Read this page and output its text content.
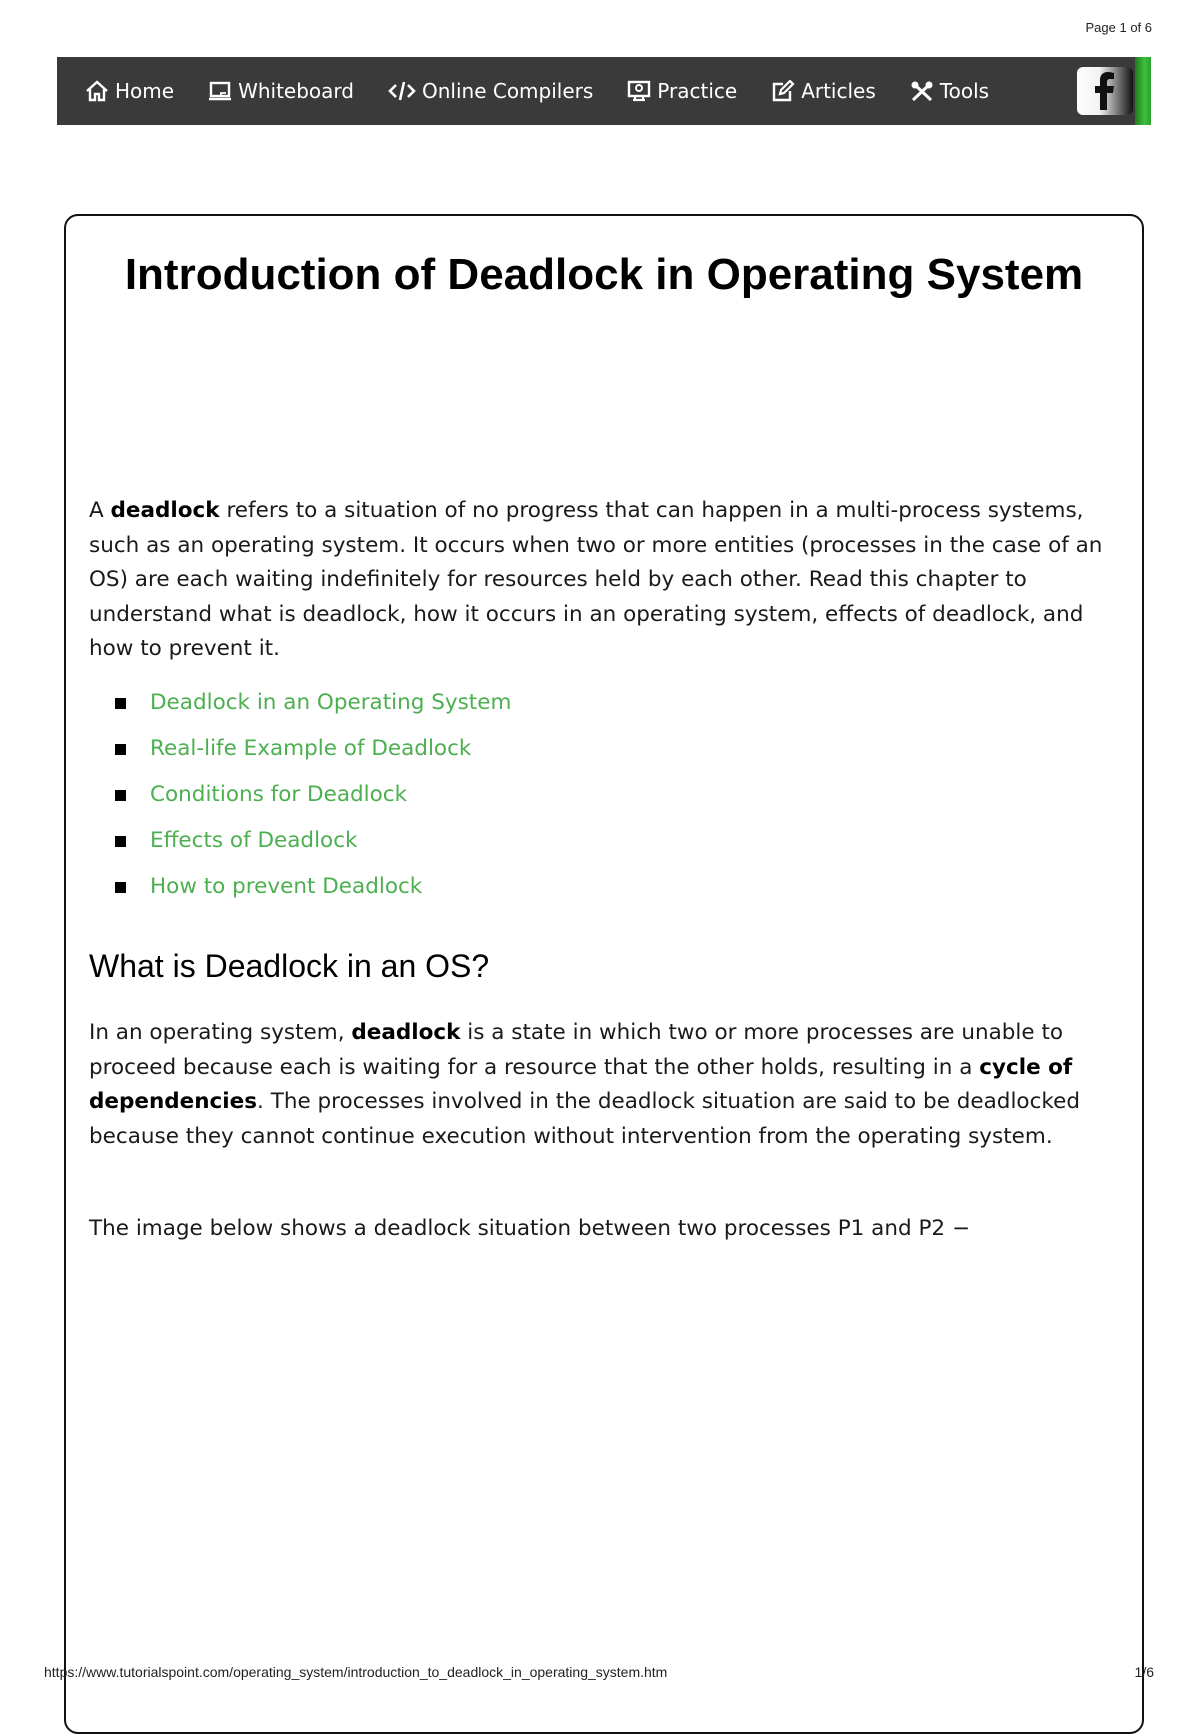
Page 1 of 6
Home	Whiteboard	Online Compilers	Practice	Articles	Tools
Introduction of Deadlock in Operating System

A deadlock refers to a situation of no progress that can happen in a multi-process systems, such as an operating system. It occurs when two or more entities (processes in the case of an OS) are each waiting indefinitely for resources held by each other. Read this chapter to understand what is deadlock, how it occurs in an operating system, effects of deadlock, and how to prevent it.

Deadlock in an Operating System
Real-life Example of Deadlock
Conditions for Deadlock
Effects of Deadlock
How to prevent Deadlock
What is Deadlock in an OS?

In an operating system, deadlock is a state in which two or more processes are unable to proceed because each is waiting for a resource that the other holds, resulting in a cycle of dependencies. The processes involved in the deadlock situation are said to be deadlocked because they cannot continue execution without intervention from the operating system.

The image below shows a deadlock situation between two processes P1 and P2 −

https://www.tutorialspoint.com/operating_system/introduction_to_deadlock_in_operating_system.htm	1/6
